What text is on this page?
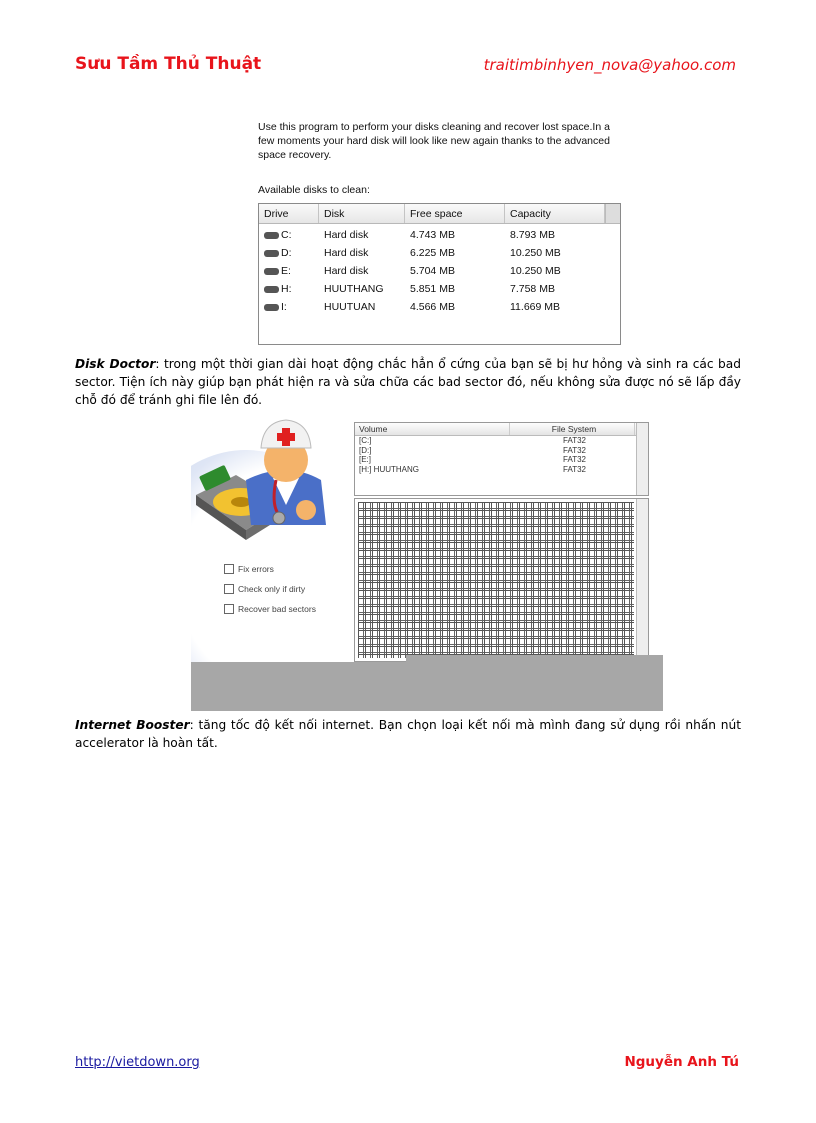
Sưu Tầm Thủ Thuật	traitimbinhyen_nova@yahoo.com
Use this program to perform your disks cleaning and recover lost space.In a few moments your hard disk will look like new again thanks to the advanced space recovery.
Available disks to clean:
Drive	Disk	Free space	Capacity
C:	Hard disk	4.743 MB	8.793 MB
D:	Hard disk	6.225 MB	10.250 MB
E:	Hard disk	5.704 MB	10.250 MB
H:	HUUTHANG	5.851 MB	7.758 MB
I:	HUUTUAN	4.566 MB	11.669 MB
Disk Doctor: trong một thời gian dài hoạt động chắc hẳn ổ cứng của bạn sẽ bị hư hỏng và sinh ra các bad sector. Tiện ích này giúp bạn phát hiện ra và sửa chữa các bad sector đó, nếu không sửa được nó sẽ lấp đầy chỗ đó để tránh ghi file lên đó.
Fix errors
Check only if dirty
Recover bad sectors
Volume	File System
[C:]	FAT32
[D:]	FAT32
[E:]	FAT32
[H:] HUUTHANG	FAT32
Internet Booster: tăng tốc độ kết nối internet. Bạn chọn loại kết nối mà mình đang sử dụng rồi nhấn nút accelerator là hoàn tất.
http://vietdown.org	Nguyễn Anh Tú
